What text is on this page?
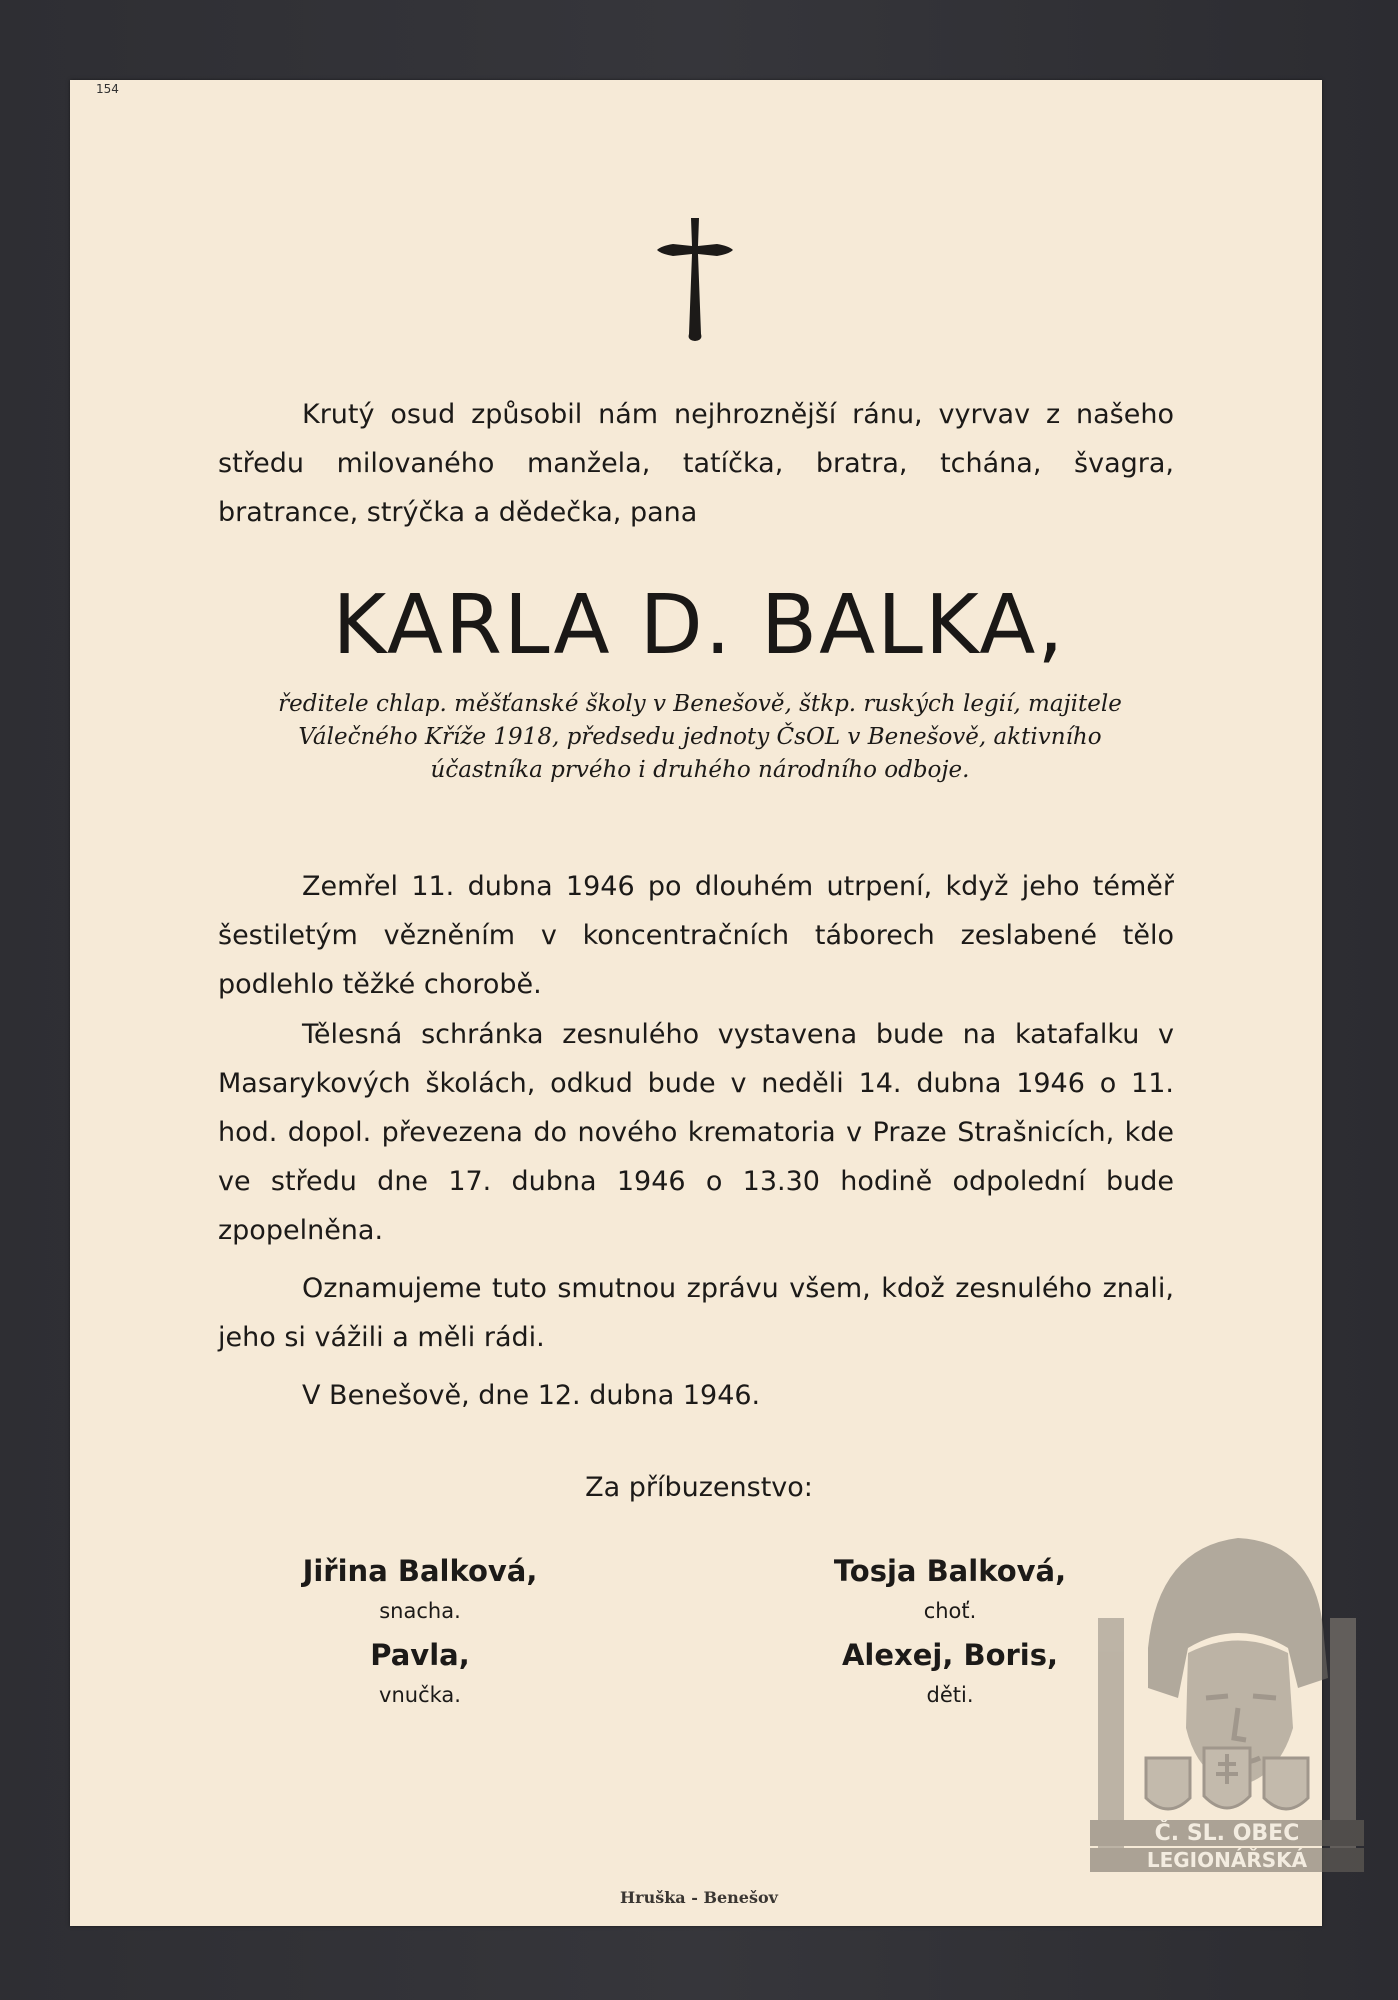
154
Krutý osud způsobil nám nejhroznější ránu, vyrvav z našeho středu milovaného manžela, tatíčka, bratra, tchána, švagra, bratrance, strýčka a dědečka, pana
KARLA D. BALKA,
ředitele chlap. měšťanské školy v Benešově, štkp. ruských legií, majitele
Válečného Kříže 1918, předsedu jednoty ČsOL v Benešově, aktivního
účastníka prvého i druhého národního odboje.
Zemřel 11. dubna 1946 po dlouhém utrpení, když jeho téměř šestiletým vězněním v koncentračních táborech zeslabené tělo podlehlo těžké chorobě.
Tělesná schránka zesnulého vystavena bude na katafalku v Masarykových školách, odkud bude v neděli 14. dubna 1946 o 11. hod. dopol. převezena do nového krematoria v Praze Strašnicích, kde ve středu dne 17. dubna 1946 o 13.30 hodině odpolední bude zpopelněna.
Oznamujeme tuto smutnou zprávu všem, kdož zesnulého znali, jeho si vážili a měli rádi.
V Benešově, dne 12. dubna 1946.
Za příbuzenstvo:
Jiřina Balková,
snacha.
Pavla,
vnučka.
Tosja Balková,
choť.
Alexej, Boris,
děti.
Hruška - Benešov
Č. SL. OBEC
LEGIONÁŘSKÁ
